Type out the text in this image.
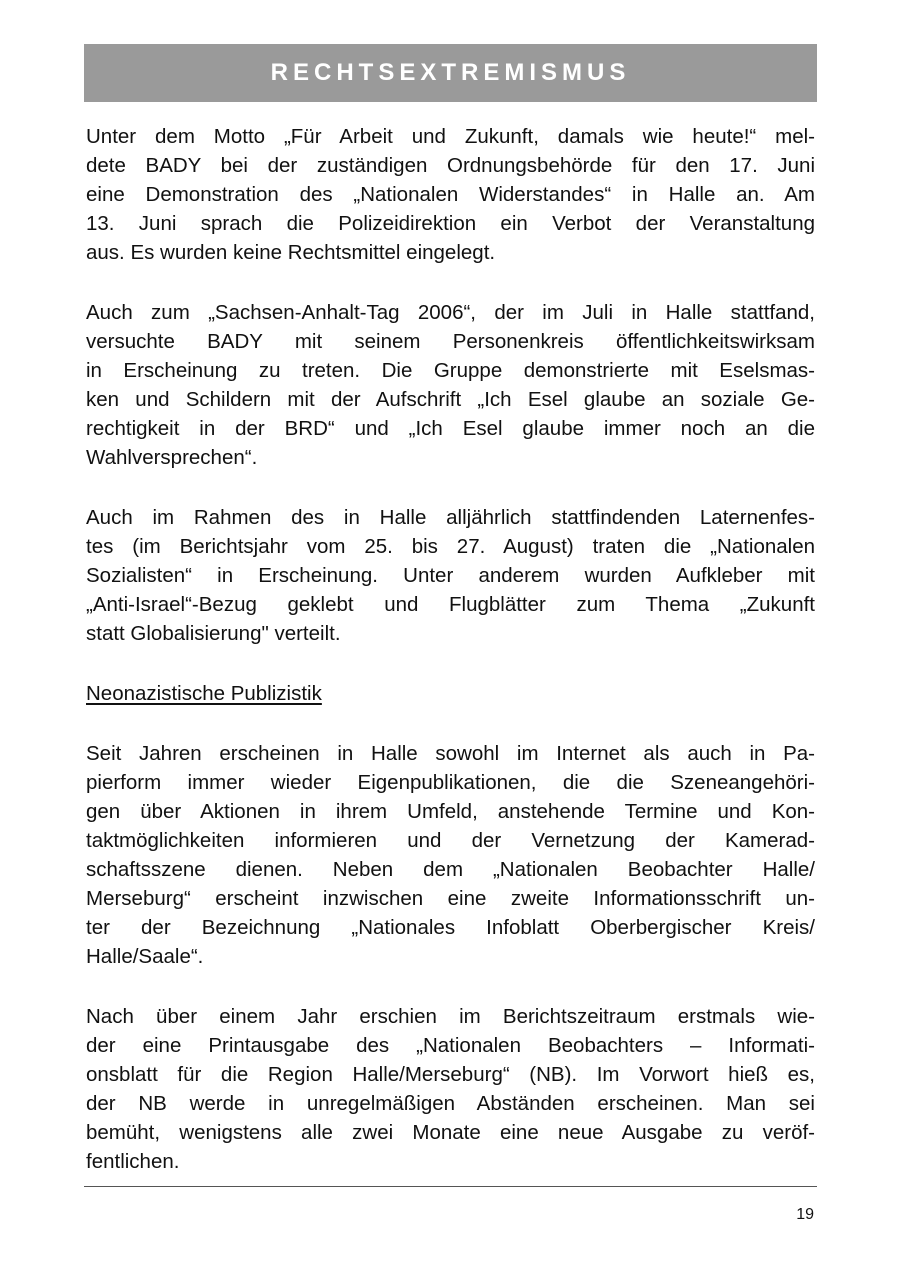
RECHTSEXTREMISMUS

Unter dem Motto „Für Arbeit und Zukunft, damals wie heute!“ mel-
dete BADY bei der zuständigen Ordnungsbehörde für den 17. Juni
eine Demonstration des „Nationalen Widerstandes“ in Halle an. Am
13. Juni sprach die Polizeidirektion ein Verbot der Veranstaltung
aus. Es wurden keine Rechtsmittel eingelegt.

Auch zum „Sachsen-Anhalt-Tag 2006“, der im Juli in Halle stattfand,
versuchte BADY mit seinem Personenkreis öffentlichkeitswirksam
in Erscheinung zu treten. Die Gruppe demonstrierte mit Eselsmas-
ken und Schildern mit der Aufschrift „Ich Esel glaube an soziale Ge-
rechtigkeit in der BRD“ und „Ich Esel glaube immer noch an die
Wahlversprechen“.

Auch im Rahmen des in Halle alljährlich stattfindenden Laternenfes-
tes (im Berichtsjahr vom 25. bis 27. August) traten die „Nationalen
Sozialisten“ in Erscheinung. Unter anderem wurden Aufkleber mit
„Anti-Israel“-Bezug geklebt und Flugblätter zum Thema „Zukunft
statt Globalisierung" verteilt.

Neonazistische Publizistik

Seit Jahren erscheinen in Halle sowohl im Internet als auch in Pa-
pierform immer wieder Eigenpublikationen, die die Szeneangehöri-
gen über Aktionen in ihrem Umfeld, anstehende Termine und Kon-
taktmöglichkeiten informieren und der Vernetzung der Kamerad-
schaftsszene dienen. Neben dem „Nationalen Beobachter Halle/
Merseburg“ erscheint inzwischen eine zweite Informationsschrift un-
ter der Bezeichnung „Nationales Infoblatt Oberbergischer Kreis/
Halle/Saale“.

Nach über einem Jahr erschien im Berichtszeitraum erstmals wie-
der eine Printausgabe des „Nationalen Beobachters – Informati-
onsblatt für die Region Halle/Merseburg“ (NB). Im Vorwort hieß es,
der NB werde in unregelmäßigen Abständen erscheinen. Man sei
bemüht, wenigstens alle zwei Monate eine neue Ausgabe zu veröf-
fentlichen.

19
